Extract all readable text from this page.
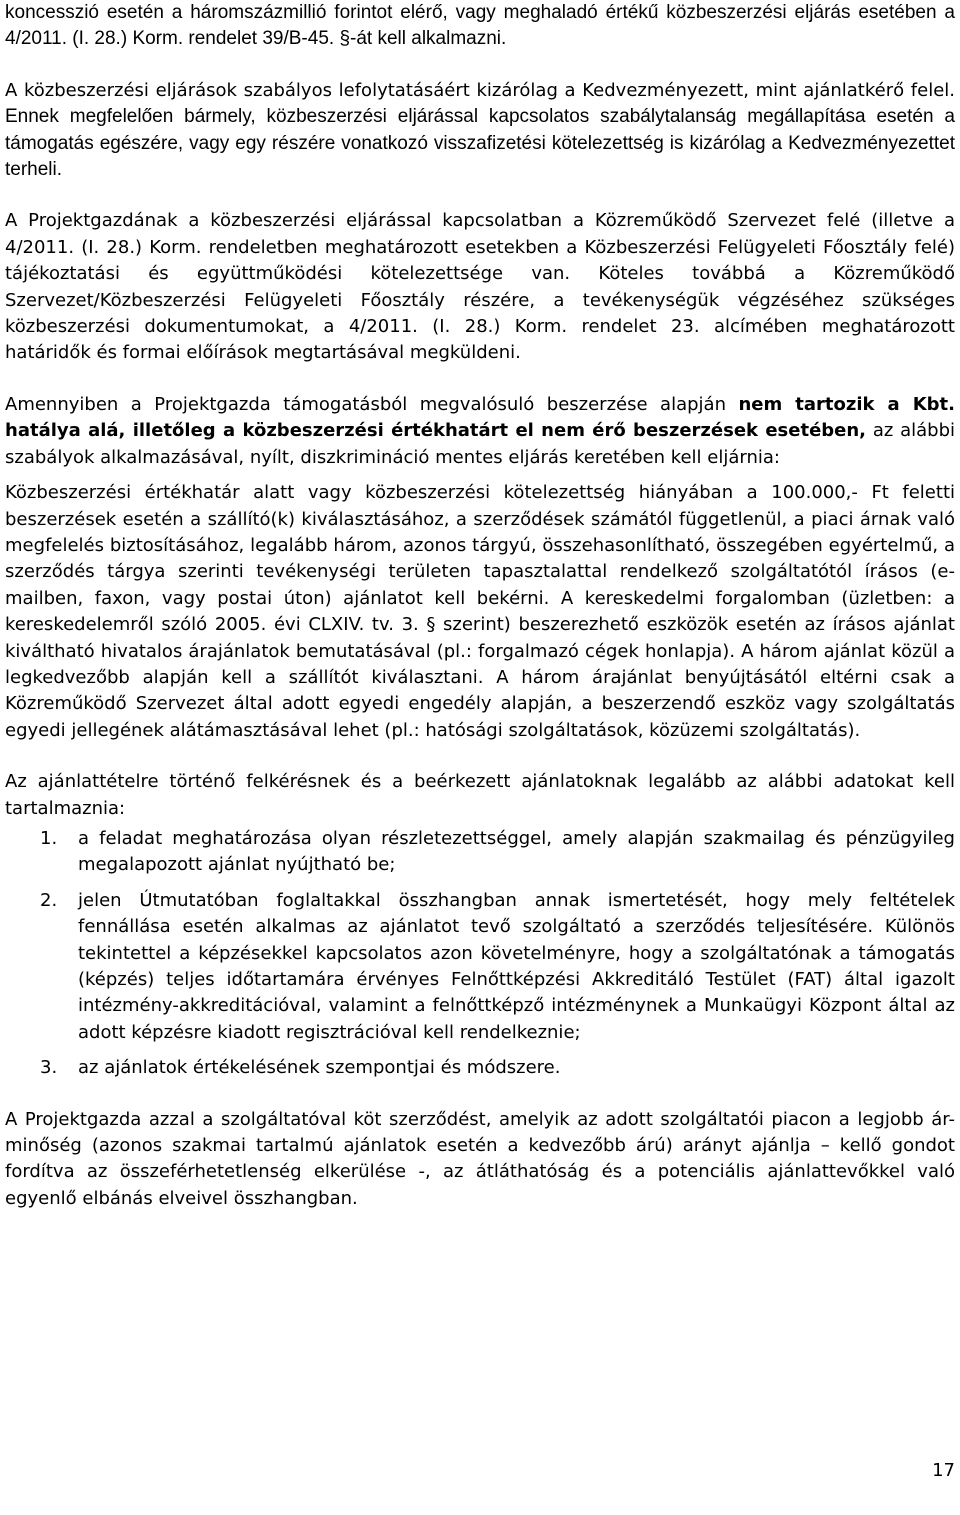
koncesszió esetén a háromszázmillió forintot elérő, vagy meghaladó értékű közbeszerzési eljárás esetében a 4/2011. (I. 28.) Korm. rendelet 39/B-45. §-át kell alkalmazni.

A közbeszerzési eljárások szabályos lefolytatásáért kizárólag a Kedvezményezett, mint ajánlatkérő felel. Ennek megfelelően bármely, közbeszerzési eljárással kapcsolatos szabálytalanság megállapítása esetén a támogatás egészére, vagy egy részére vonatkozó visszafizetési kötelezettség is kizárólag a Kedvezményezettet terheli.

A Projektgazdának a közbeszerzési eljárással kapcsolatban a Közreműködő Szervezet felé (illetve a 4/2011. (I. 28.) Korm. rendeletben meghatározott esetekben a Közbeszerzési Felügyeleti Főosztály felé) tájékoztatási és együttműködési kötelezettsége van. Köteles továbbá a Közreműködő Szervezet/Közbeszerzési Felügyeleti Főosztály részére, a tevékenységük végzéséhez szükséges közbeszerzési dokumentumokat, a 4/2011. (I. 28.) Korm. rendelet 23. alcímében meghatározott határidők és formai előírások megtartásával megküldeni.

Amennyiben a Projektgazda támogatásból megvalósuló beszerzése alapján nem tartozik a Kbt. hatálya alá, illetőleg a közbeszerzési értékhatárt el nem érő beszerzések esetében, az alábbi szabályok alkalmazásával, nyílt, diszkrimináció mentes eljárás keretében kell eljárnia:

Közbeszerzési értékhatár alatt vagy közbeszerzési kötelezettség hiányában a 100.000,- Ft feletti beszerzések esetén a szállító(k) kiválasztásához, a szerződések számától függetlenül, a piaci árnak való megfelelés biztosításához, legalább három, azonos tárgyú, összehasonlítható, összegében egyértelmű, a szerződés tárgya szerinti tevékenységi területen tapasztalattal rendelkező szolgáltatótól írásos (e-mailben, faxon, vagy postai úton) ajánlatot kell bekérni. A kereskedelmi forgalomban (üzletben: a kereskedelemről szóló 2005. évi CLXIV. tv. 3. § szerint) beszerezhető eszközök esetén az írásos ajánlat kiváltható hivatalos árajánlatok bemutatásával (pl.: forgalmazó cégek honlapja). A három ajánlat közül a legkedvezőbb alapján kell a szállítót kiválasztani. A három árajánlat benyújtásától eltérni csak a Közreműködő Szervezet által adott egyedi engedély alapján, a beszerzendő eszköz vagy szolgáltatás egyedi jellegének alátámasztásával lehet (pl.: hatósági szolgáltatások, közüzemi szolgáltatás).

Az ajánlattételre történő felkérésnek és a beérkezett ajánlatoknak legalább az alábbi adatokat kell tartalmaznia:

1. a feladat meghatározása olyan részletezettséggel, amely alapján szakmailag és pénzügyileg megalapozott ajánlat nyújtható be;
2. jelen Útmutatóban foglaltakkal összhangban annak ismertetését, hogy mely feltételek fennállása esetén alkalmas az ajánlatot tevő szolgáltató a szerződés teljesítésére. Különös tekintettel a képzésekkel kapcsolatos azon követelményre, hogy a szolgáltatónak a támogatás (képzés) teljes időtartamára érvényes Felnőttképzési Akkreditáló Testület (FAT) által igazolt intézmény-akkreditációval, valamint a felnőttképző intézménynek a Munkaügyi Központ által az adott képzésre kiadott regisztrációval kell rendelkeznie;
3. az ajánlatok értékelésének szempontjai és módszere.

A Projektgazda azzal a szolgáltatóval köt szerződést, amelyik az adott szolgáltatói piacon a legjobb ár-minőség (azonos szakmai tartalmú ajánlatok esetén a kedvezőbb árú) arányt ajánlja – kellő gondot fordítva az összeférhetetlenség elkerülése -, az átláthatóság és a potenciális ajánlattevőkkel való egyenlő elbánás elveivel összhangban.

17
